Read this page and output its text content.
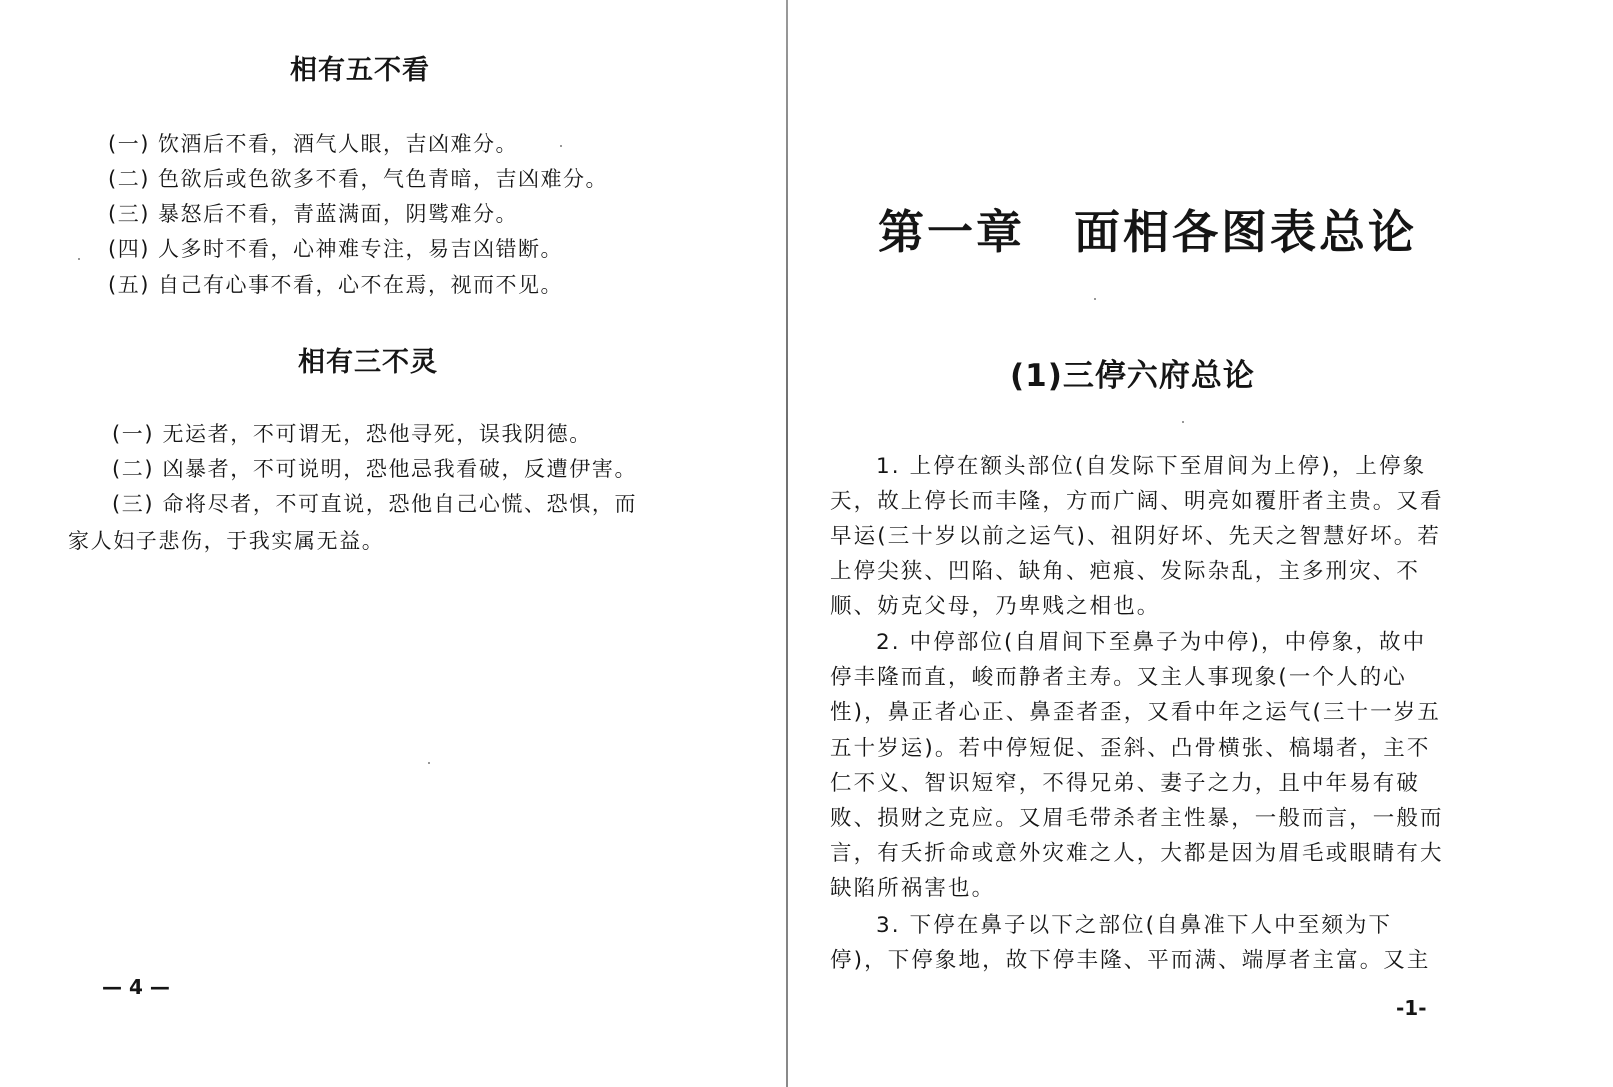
相有五不看
(一) 饮酒后不看，酒气人眼，吉凶难分。
(二) 色欲后或色欲多不看，气色青暗，吉凶难分。
(三) 暴怒后不看，青蓝满面，阴骘难分。
(四) 人多时不看，心神难专注，易吉凶错断。
(五) 自己有心事不看，心不在焉，视而不见。
相有三不灵
(一) 无运者，不可谓无，恐他寻死，误我阴德。
(二) 凶暴者，不可说明，恐他忌我看破，反遭伊害。
(三) 命将尽者，不可直说，恐他自己心慌、恐惧，而
家人妇子悲伤，于我实属无益。
— 4 —
第一章　面相各图表总论
(1)三停六府总论
1. 上停在额头部位(自发际下至眉间为上停)，上停象
天，故上停长而丰隆，方而广阔、明亮如覆肝者主贵。又看
早运(三十岁以前之运气)、祖阴好坏、先天之智慧好坏。若
上停尖狭、凹陷、缺角、疤痕、发际杂乱，主多刑灾、不
顺、妨克父母，乃卑贱之相也。
2. 中停部位(自眉间下至鼻子为中停)，中停象，故中
停丰隆而直，峻而静者主寿。又主人事现象(一个人的心
性)，鼻正者心正、鼻歪者歪，又看中年之运气(三十一岁五
五十岁运)。若中停短促、歪斜、凸骨横张、槁塌者，主不
仁不义、智识短窄，不得兄弟、妻子之力，且中年易有破
败、损财之克应。又眉毛带杀者主性暴，一般而言，一般而
言，有夭折命或意外灾难之人，大都是因为眉毛或眼睛有大
缺陷所祸害也。
3. 下停在鼻子以下之部位(自鼻准下人中至颏为下
停)，下停象地，故下停丰隆、平而满、端厚者主富。又主
-1-
